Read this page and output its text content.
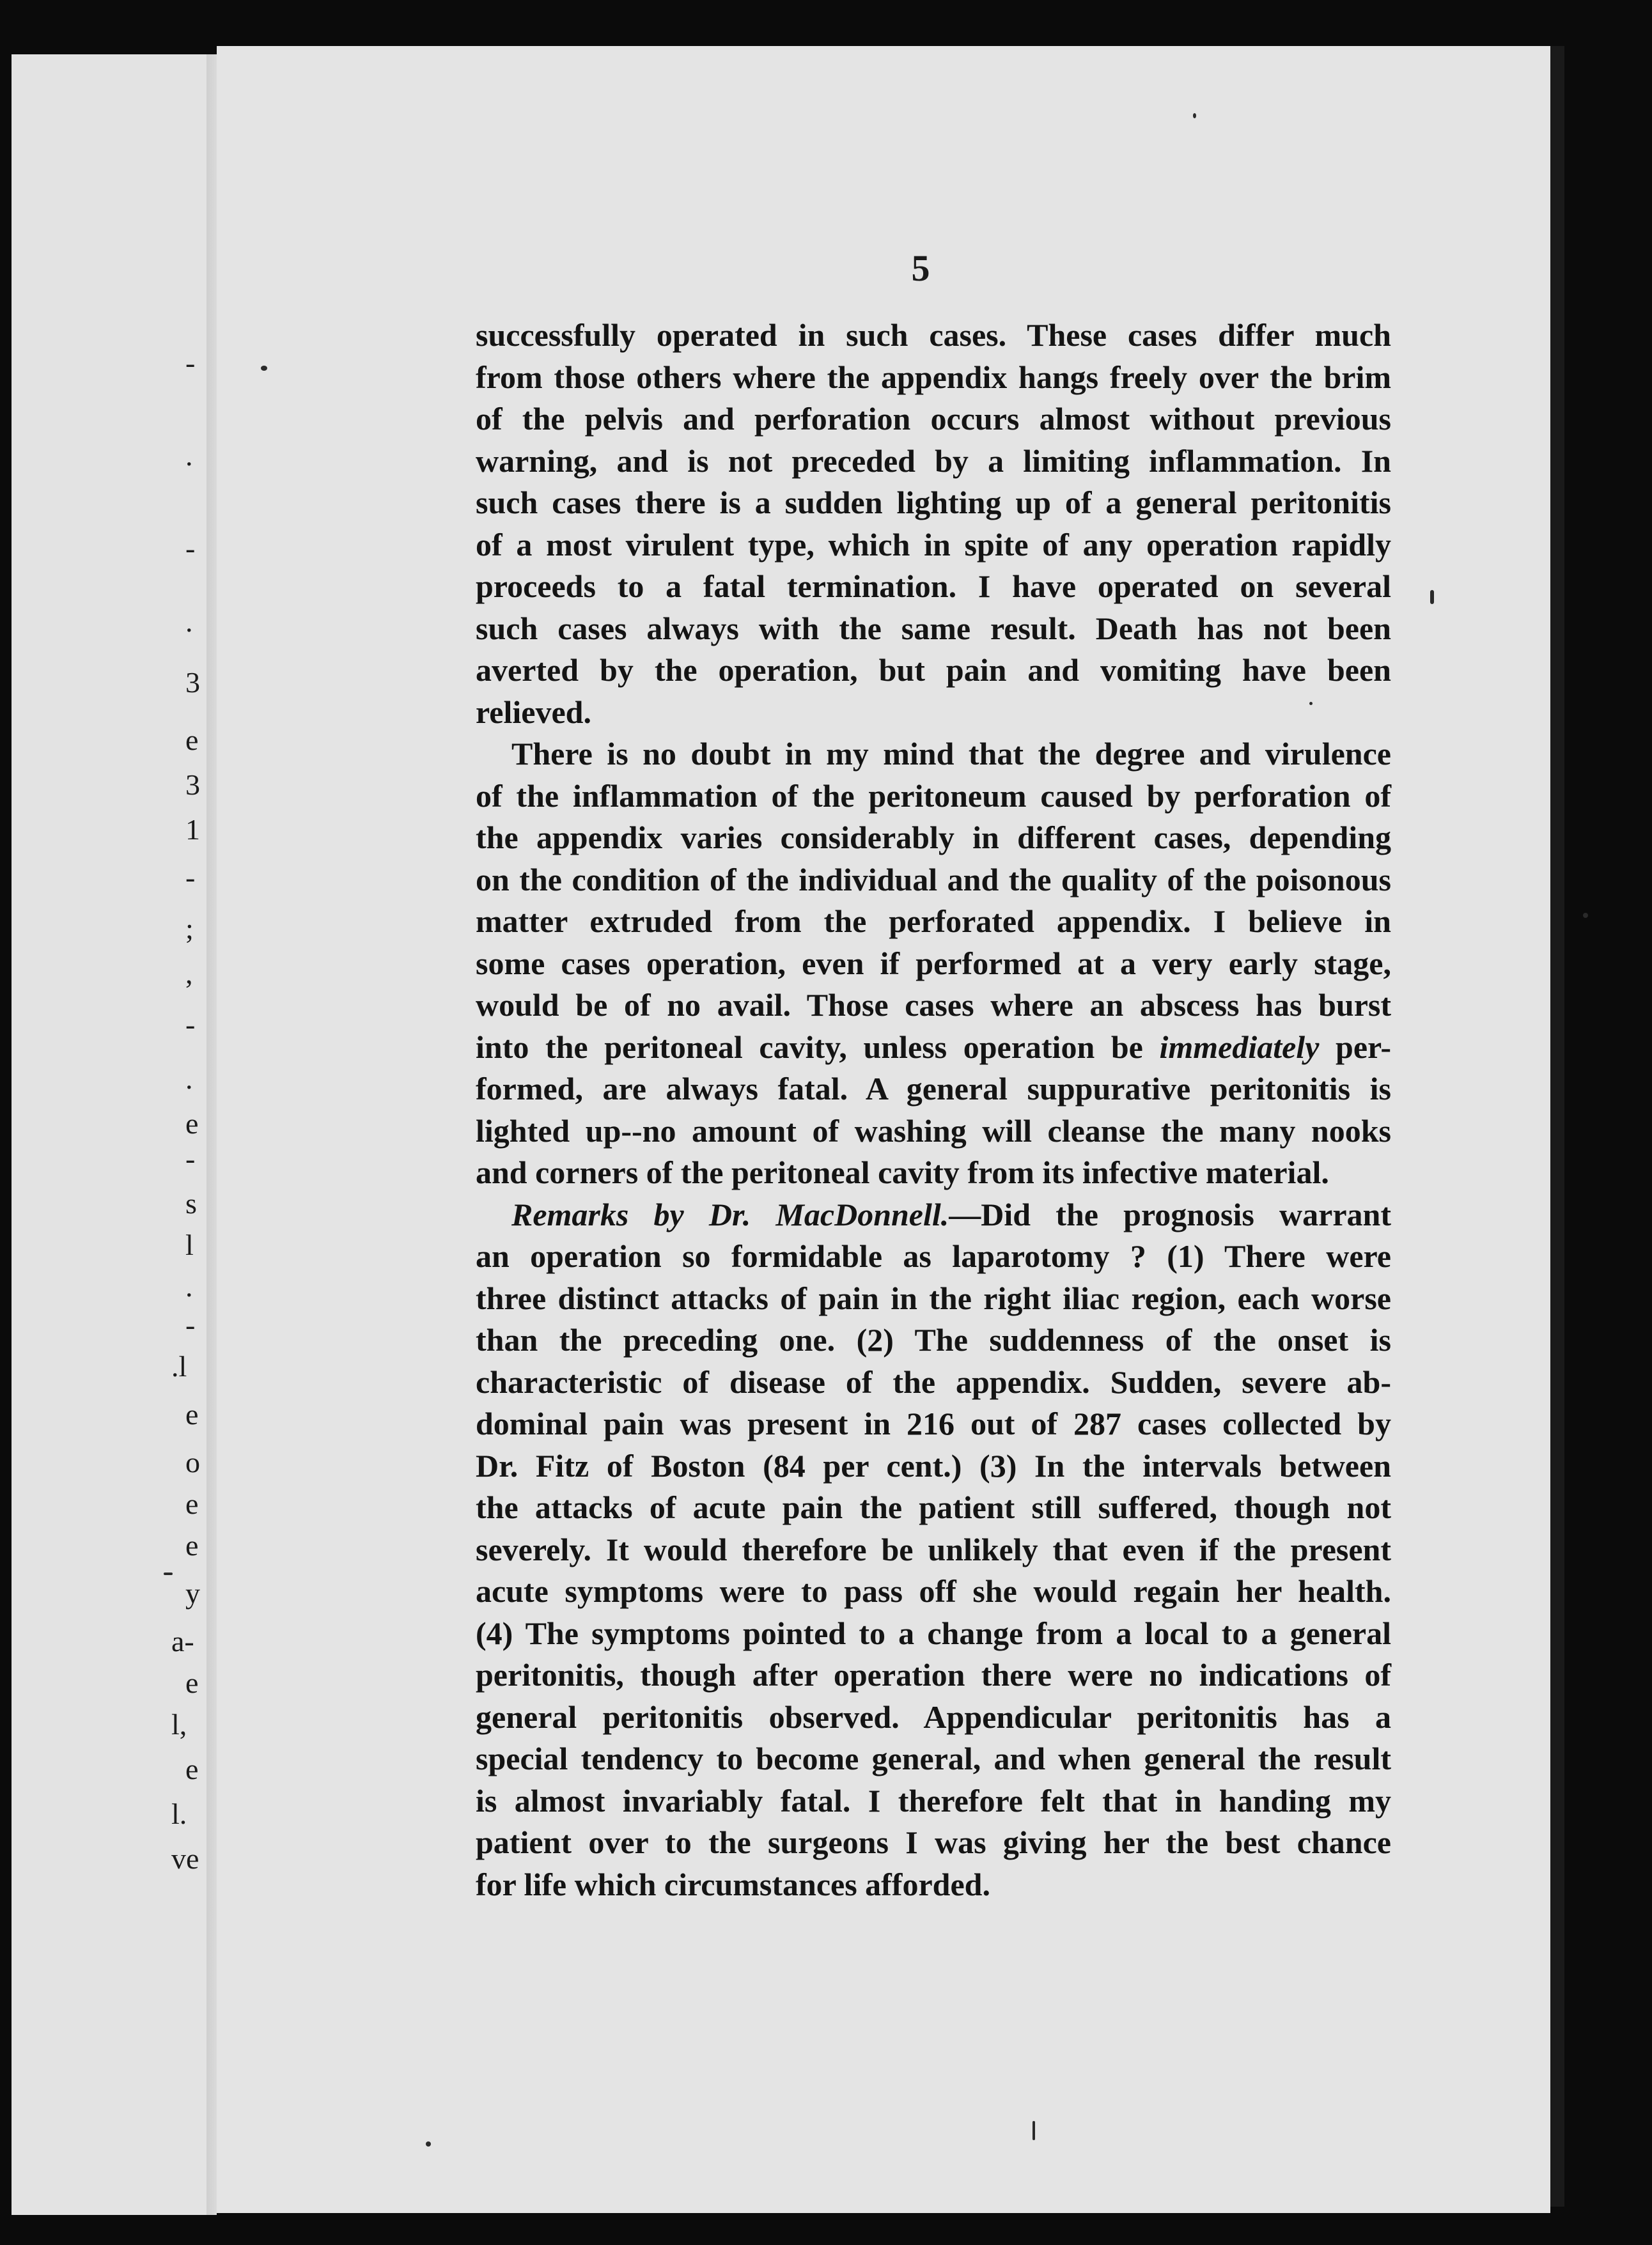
-
.
-
.
3
e
3
1
-
;
,
-
.
e
-
s
l
.
-
.l
e
o
e
e
y
a-
e
l,
e
l.
ve
5
successfully operated in such cases. These cases differ much
from those others where the appendix hangs freely over the brim
of the pelvis and perforation occurs almost without previous
warning, and is not preceded by a limiting inflammation. In
such cases there is a sudden lighting up of a general peritonitis
of a most virulent type, which in spite of any operation rapidly
proceeds to a fatal termination. I have operated on several
such cases always with the same result. Death has not been
averted by the operation, but pain and vomiting have been
relieved.
There is no doubt in my mind that the degree and virulence
of the inflammation of the peritoneum caused by perforation of
the appendix varies considerably in different cases, depending
on the condition of the individual and the quality of the poisonous
matter extruded from the perforated appendix. I believe in
some cases operation, even if performed at a very early stage,
would be of no avail. Those cases where an abscess has burst
into the peritoneal cavity, unless operation be immediately per-
formed, are always fatal. A general suppurative peritonitis is
lighted up--no amount of washing will cleanse the many nooks
and corners of the peritoneal cavity from its infective material.
Remarks by Dr. MacDonnell.—Did the prognosis warrant
an operation so formidable as laparotomy ? (1) There were
three distinct attacks of pain in the right iliac region, each worse
than the preceding one. (2) The suddenness of the onset is
characteristic of disease of the appendix. Sudden, severe ab-
dominal pain was present in 216 out of 287 cases collected by
Dr. Fitz of Boston (84 per cent.) (3) In the intervals between
the attacks of acute pain the patient still suffered, though not
severely. It would therefore be unlikely that even if the present
acute symptoms were to pass off she would regain her health.
(4) The symptoms pointed to a change from a local to a general
peritonitis, though after operation there were no indications of
general peritonitis observed. Appendicular peritonitis has a
special tendency to become general, and when general the result
is almost invariably fatal. I therefore felt that in handing my
patient over to the surgeons I was giving her the best chance
for life which circumstances afforded.
